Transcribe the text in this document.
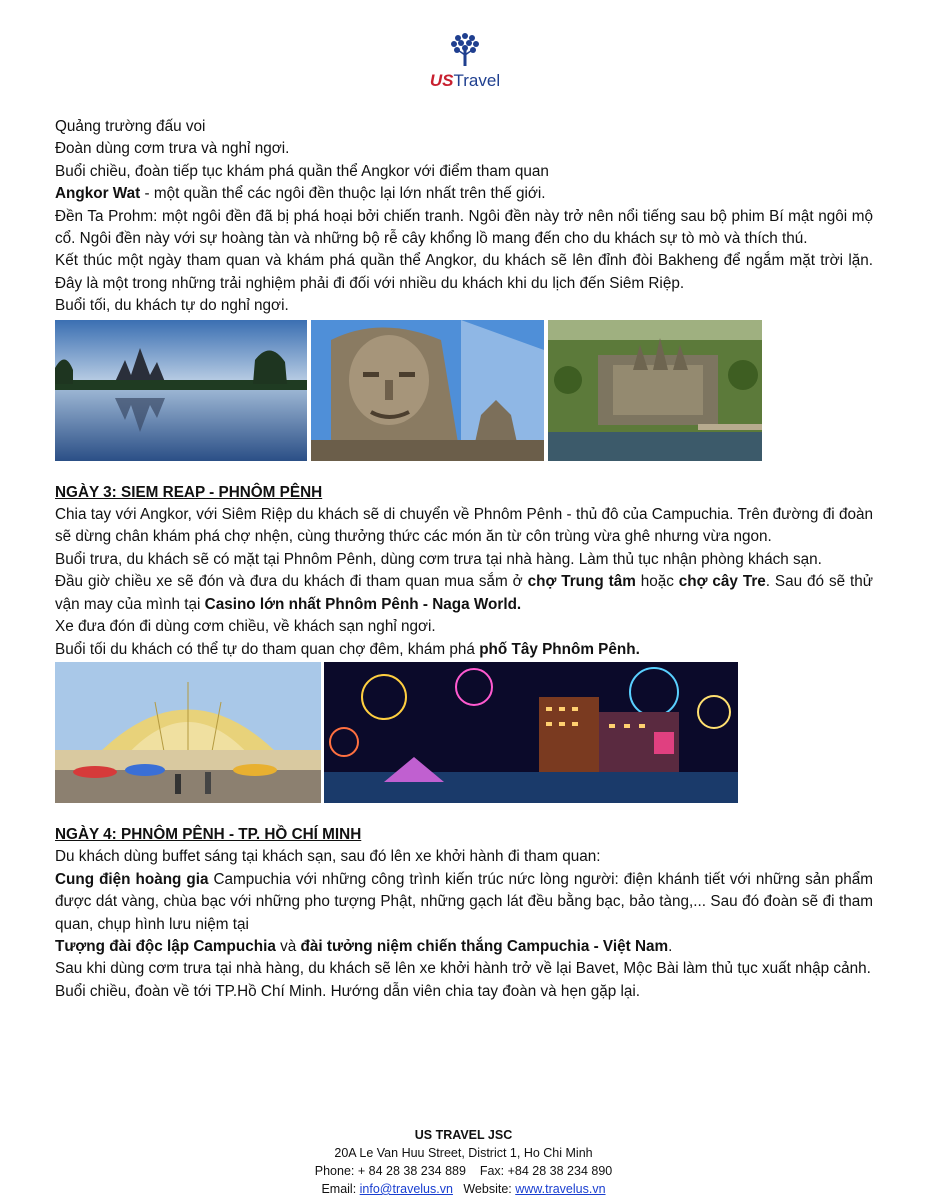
USTravel

Quảng trường đấu voi

Đoàn dùng cơm trưa và nghỉ ngơi.

Buổi chiều, đoàn tiếp tục khám phá quần thể Angkor với điểm tham quan

Angkor Wat - một quần thể các ngôi đền thuộc lại lớn nhất trên thế giới.

Đền Ta Prohm: một ngôi đền đã bị phá hoại bởi chiến tranh. Ngôi đền này trở nên nổi tiếng sau bộ phim Bí mật ngôi mộ cổ. Ngôi đền này với sự hoàng tàn và những bộ rễ cây khổng lồ mang đến cho du khách sự tò mò và thích thú.

Kết thúc một ngày tham quan và khám phá quần thể Angkor, du khách sẽ lên đỉnh đòi Bakheng để ngắm mặt trời lặn. Đây là một trong những trải nghiệm phải đi đối với nhiều du khách khi du lịch đến Siêm Riệp.

Buổi tối, du khách tự do nghỉ ngơi.

NGÀY 3: SIEM REAP - PHNÔM PÊNH

Chia tay với Angkor, với Siêm Riệp du khách sẽ di chuyển về Phnôm Pênh - thủ đô của Campuchia. Trên đường đi đoàn sẽ dừng chân khám phá chợ nhện, cùng thưởng thức các món ăn từ côn trùng vừa ghê nhưng vừa ngon.

Buổi trưa, du khách sẽ có mặt tại Phnôm Pênh, dùng cơm trưa tại nhà hàng. Làm thủ tục nhận phòng khách sạn.

Đầu giờ chiều xe sẽ đón và đưa du khách đi tham quan mua sắm ở chợ Trung tâm hoặc chợ cây Tre. Sau đó sẽ thử vận may của mình tại Casino lớn nhất Phnôm Pênh - Naga World.

Xe đưa đón đi dùng cơm chiều, về khách sạn nghỉ ngơi.

Buổi tối du khách có thể tự do tham quan chợ đêm, khám phá phố Tây Phnôm Pênh.

NGÀY 4: PHNÔM PÊNH - TP. HỒ CHÍ MINH

Du khách dùng buffet sáng tại khách sạn, sau đó lên xe khởi hành đi tham quan:

Cung điện hoàng gia Campuchia với những công trình kiến trúc nức lòng người: điện khánh tiết với những sản phẩm được dát vàng, chùa bạc với những pho tượng Phật, những gạch lát đều bằng bạc, bảo tàng,... Sau đó đoàn sẽ đi tham quan, chụp hình lưu niệm tại

Tượng đài độc lập Campuchia và đài tưởng niệm chiến thắng Campuchia - Việt Nam.

Sau khi dùng cơm trưa tại nhà hàng, du khách sẽ lên xe khởi hành trở về lại Bavet, Mộc Bài làm thủ tục xuất nhập cảnh.

Buổi chiều, đoàn về tới TP.Hồ Chí Minh. Hướng dẫn viên chia tay đoàn và hẹn gặp lại.

US TRAVEL JSC
20A Le Van Huu Street, District 1, Ho Chi Minh
Phone: + 84 28 38 234 889    Fax: +84 28 38 234 890
Email: info@travelus.vn   Website: www.travelus.vn
